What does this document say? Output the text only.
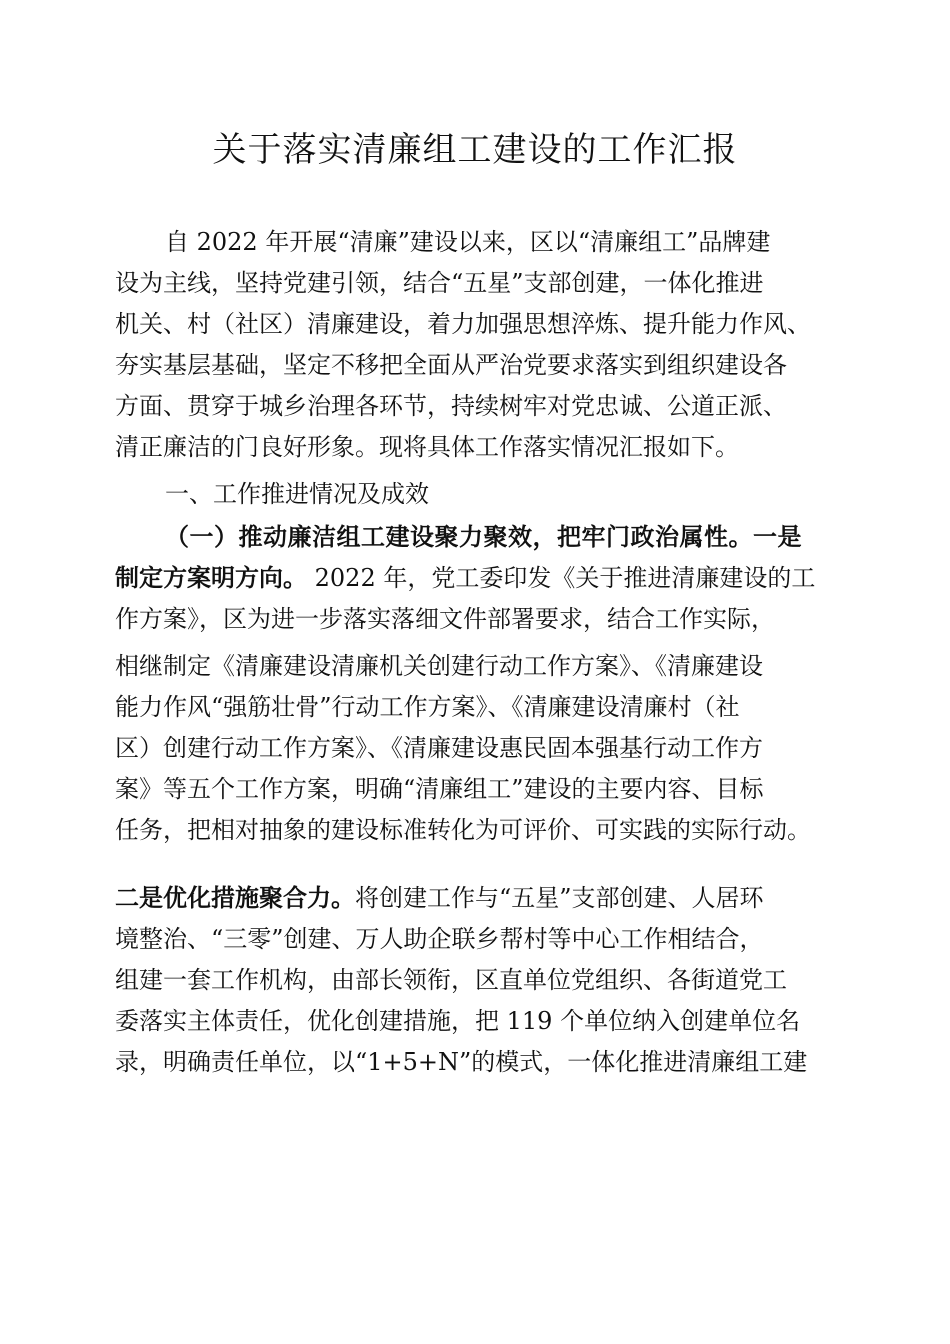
关于落实清廉组工建设的工作汇报
自 2022 年开展“清廉”建设以来，区以“清廉组工”品牌建
设为主线，坚持党建引领，结合“五星”支部创建，一体化推进
机关、村（社区）清廉建设，着力加强思想淬炼、提升能力作风、
夯实基层基础，坚定不移把全面从严治党要求落实到组织建设各
方面、贯穿于城乡治理各环节，持续树牢对党忠诚、公道正派、
清正廉洁的门良好形象。现将具体工作落实情况汇报如下。
一、工作推进情况及成效
（一）推动廉洁组工建设聚力聚效，把牢门政治属性。一是
制定方案明方向。 2022 年，党工委印发《关于推进清廉建设的工
作方案》，区为进一步落实落细文件部署要求，结合工作实际，
相继制定《清廉建设清廉机关创建行动工作方案》、《清廉建设
能力作风“强筋壮骨”行动工作方案》、《清廉建设清廉村（社
区）创建行动工作方案》、《清廉建设惠民固本强基行动工作方
案》等五个工作方案，明确“清廉组工”建设的主要内容、目标
任务，把相对抽象的建设标准转化为可评价、可实践的实际行动。
二是优化措施聚合力。将创建工作与“五星”支部创建、人居环
境整治、“三零”创建、万人助企联乡帮村等中心工作相结合，
组建一套工作机构，由部长领衔，区直单位党组织、各街道党工
委落实主体责任，优化创建措施，把 119 个单位纳入创建单位名
录，明确责任单位，以“1+5+N”的模式，一体化推进清廉组工建
